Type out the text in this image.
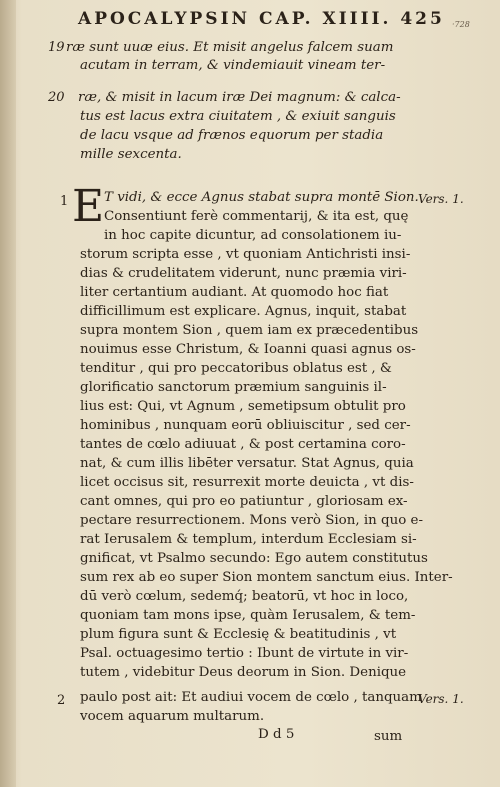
APOCALYPSIN CAP. XIIII. 425 ·728
19 ræ sunt uuæ eius. Et misit angelus falcem suam
acutam in terram, & vindemiauit vineam ter-
20 ræ, & misit in lacum iræ Dei magnum: & calca-
tus est lacus extra ciuitatem , & exiuit sanguis
de lacu vsque ad frænos equorum per stadia
mille sexcenta.
1 E	Vers. 1.
T vidi, & ecce Agnus stabat supra montē Sion.
Consentiunt ferè commentarij, & ita est, quę
in hoc capite dicuntur, ad consolationem iu-
storum scripta esse , vt quoniam Antichristi insi-
dias & crudelitatem viderunt, nunc præmia viri-
liter certantium audiant. At quomodo hoc fiat
difficillimum est explicare. Agnus, inquit, stabat
supra montem Sion , quem iam ex præcedentibus
nouimus esse Christum, & Ioanni quasi agnus os-
tenditur , qui pro peccatoribus oblatus est , &
glorificatio sanctorum præmium sanguinis il-
lius est: Qui, vt Agnum , semetipsum obtulit pro
hominibus , nunquam eorū obliuiscitur , sed cer-
tantes de cœlo adiuuat , & post certamina coro-
nat, & cum illis libēter versatur. Stat Agnus, quia
licet occisus sit, resurrexit morte deuicta , vt dis-
cant omnes, qui pro eo patiuntur , gloriosam ex-
pectare resurrectionem. Mons verò Sion, in quo e-
rat Ierusalem & templum, interdum Ecclesiam si-
gnificat, vt Psalmo secundo: Ego autem constitutus
sum rex ab eo super Sion montem sanctum eius. Inter-
dū verò cœlum, sedemq́; beatorū, vt hoc in loco,
quoniam tam mons ipse, quàm Ierusalem, & tem-
plum figura sunt & Ecclesię & beatitudinis , vt
Psal. octuagesimo tertio : Ibunt de virtute in vir-
tutem , videbitur Deus deorum in Sion. Denique
2	Vers. 1.
paulo post ait: Et audiui vocem de cœlo , tanquam
vocem aquarum multarum.
D d 5	sum
